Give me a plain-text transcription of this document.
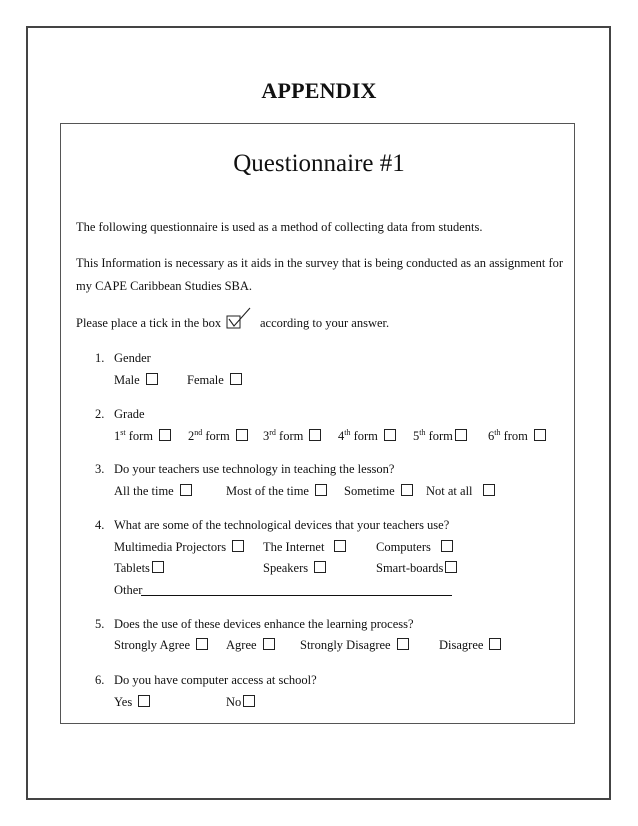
APPENDIX
Questionnaire #1
The following questionnaire is used as a method of collecting data from students.
This Information is necessary as it aids in the survey that is being conducted as an assignment for
my CAPE Caribbean Studies SBA.
Please place a tick in the box	according to your answer.
1. Gender
Male	Female
2. Grade
1st form	2nd form	3rd form	4th form	5th form	6th from
3. Do your teachers use technology in teaching the lesson?
All the time	Most of the time	Sometime	Not at all
4. What are some of the technological devices that your teachers use?
Multimedia Projectors	The Internet	Computers
Tablets	Speakers	Smart-boards
Other
5. Does the use of these devices enhance the learning process?
Strongly Agree	Agree	Strongly Disagree	Disagree
6. Do you have computer access at school?
Yes	No
